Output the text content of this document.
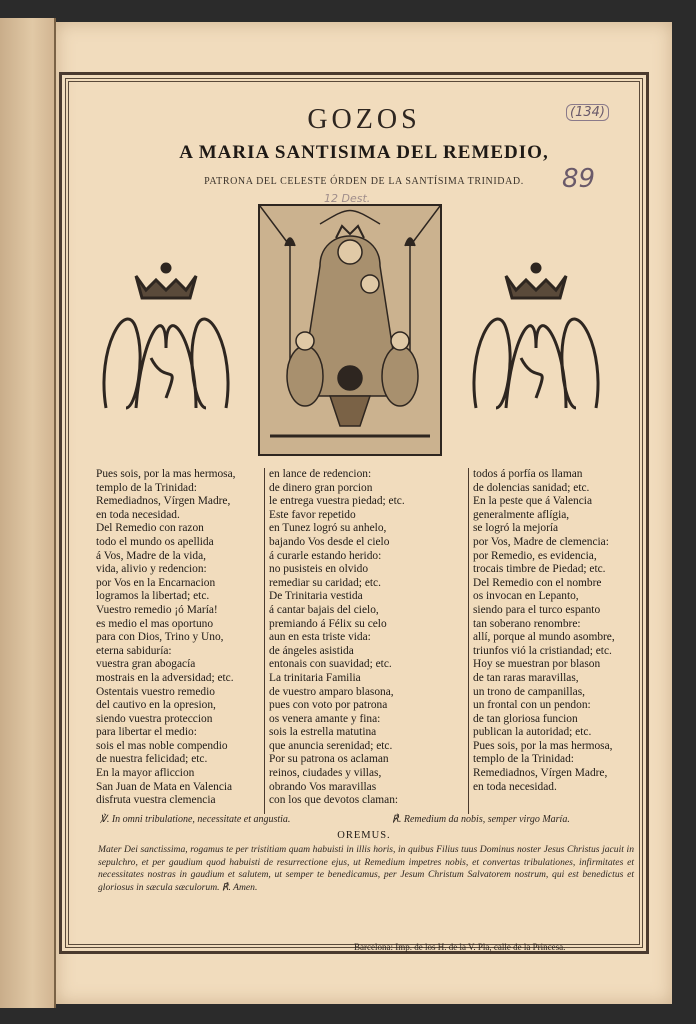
(134)
89
12 Dest.
GOZOS
A MARIA SANTISIMA DEL REMEDIO,
PATRONA DEL CELESTE ÓRDEN DE LA SANTÍSIMA TRINIDAD.
Pues sois, por la mas hermosa,
templo de la Trinidad:
Remediadnos, Vírgen Madre,
en toda necesidad.
Del Remedio con razon
todo el mundo os apellida
á Vos, Madre de la vida,
vida, alivio y redencion:
por Vos en la Encarnacion
logramos la libertad; etc.
Vuestro remedio ¡ó María!
es medio el mas oportuno
para con Dios, Trino y Uno,
eterna sabiduría:
vuestra gran abogacía
mostrais en la adversidad; etc.
Ostentais vuestro remedio
del cautivo en la opresion,
siendo vuestra proteccion
para libertar el medio:
sois el mas noble compendio
de nuestra felicidad; etc.
En la mayor afliccion
San Juan de Mata en Valencia
disfruta vuestra clemencia
en lance de redencion:
de dinero gran porcion
le entrega vuestra piedad; etc.
Este favor repetido
en Tunez logró su anhelo,
bajando Vos desde el cielo
á curarle estando herido:
no pusisteis en olvido
remediar su caridad; etc.
De Trinitaria vestida
á cantar bajais del cielo,
premiando á Félix su celo
aun en esta triste vida:
de ángeles asistida
entonais con suavidad; etc.
La trinitaria Familia
de vuestro amparo blasona,
pues con voto por patrona
os venera amante y fina:
sois la estrella matutina
que anuncia serenidad; etc.
Por su patrona os aclaman
reinos, ciudades y villas,
obrando Vos maravillas
con los que devotos claman:
todos á porfía os llaman
de dolencias sanidad; etc.
En la peste que á Valencia
generalmente aflígia,
se logró la mejoría
por Vos, Madre de clemencia:
por Remedio, es evidencia,
trocais timbre de Piedad; etc.
Del Remedio con el nombre
os invocan en Lepanto,
siendo para el turco espanto
tan soberano renombre:
allí, porque al mundo asombre,
triunfos vió la cristiandad; etc.
Hoy se muestran por blason
de tan raras maravillas,
un trono de campanillas,
un frontal con un pendon:
de tan gloriosa funcion
publican la autoridad; etc.
Pues sois, por la mas hermosa,
templo de la Trinidad:
Remediadnos, Vírgen Madre,
en toda necesidad.
℣. In omni tribulatione, necessitate et angustia.	℟. Remedium da nobis, semper virgo María.
OREMUS.
Mater Dei sanctissima, rogamus te per tristitiam quam habuisti in illis horis, in quibus Filius tuus Dominus noster Jesus Christus jacuit in sepulchro, et per gaudium quod habuisti de resurrectione ejus, ut Remedium impetres nobis, et convertas tribulationes, infirmitates et necessitates nostras in gaudium et salutem, ut semper te benedicamus, per Jesum Christum Salvatorem nostrum, qui est benedictus et gloriosus in sæcula sæculorum. ℟. Amen.
Barcelona: Imp. de los H. de la V. Pla, calle de la Princesa.
